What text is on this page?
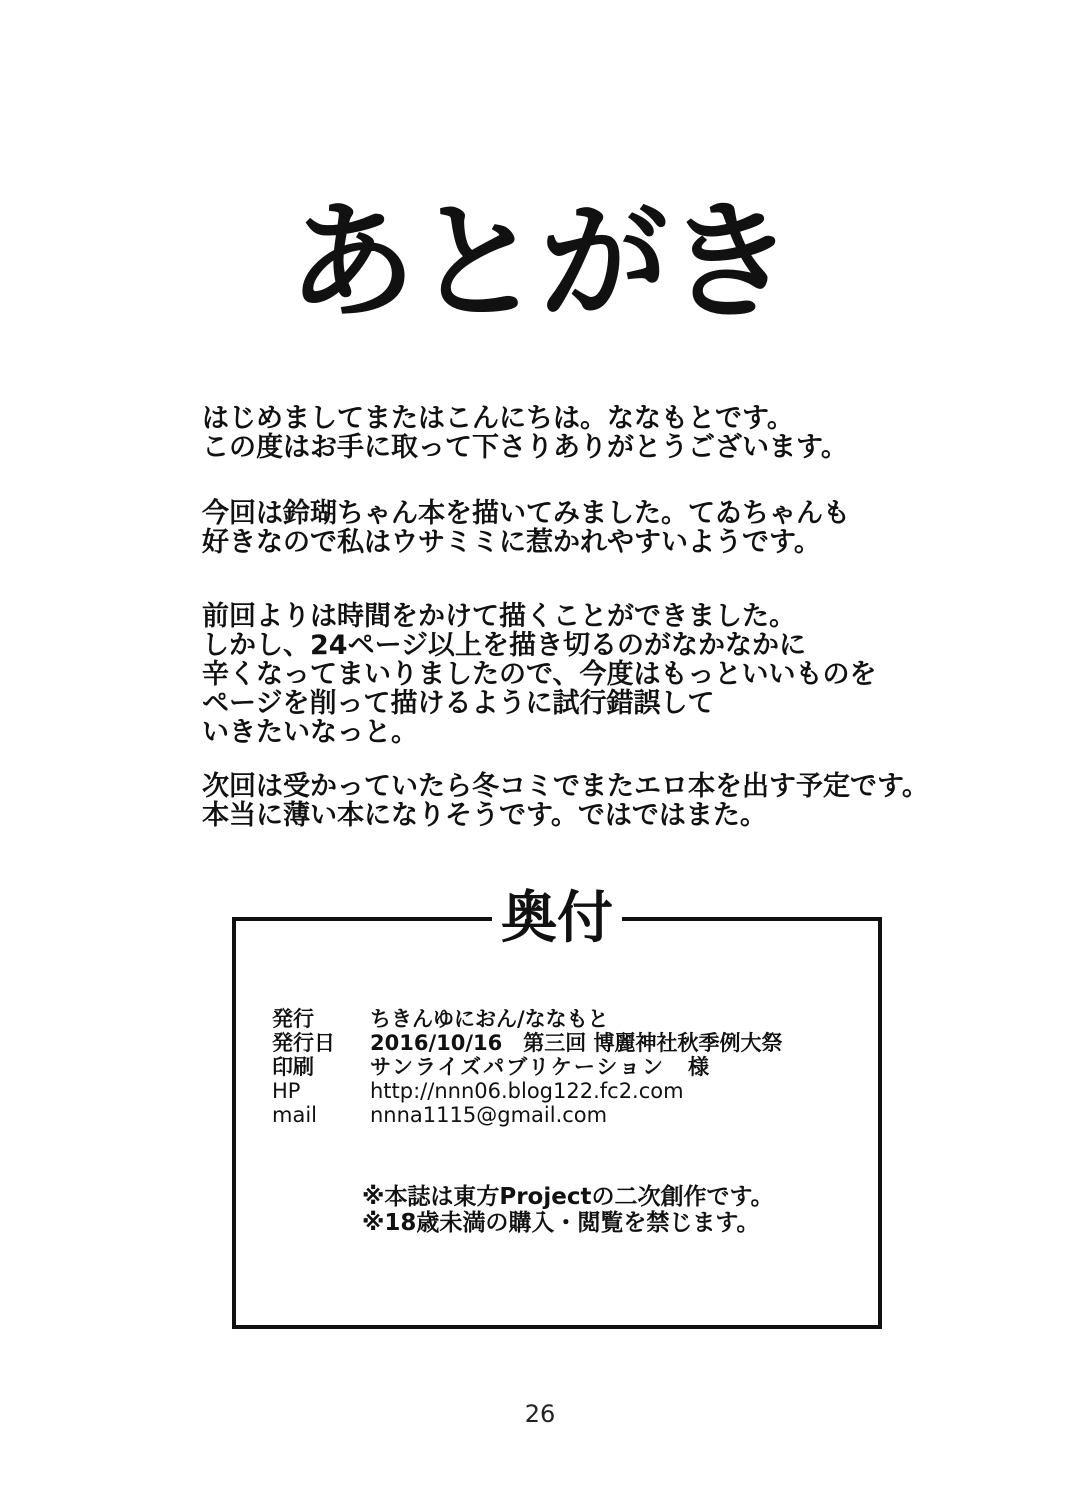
あとがき
はじめましてまたはこんにちは。ななもとです。
この度はお手に取って下さりありがとうございます。
今回は鈴瑚ちゃん本を描いてみました。てゐちゃんも
好きなので私はウサミミに惹かれやすいようです。
前回よりは時間をかけて描くことができました。
しかし、24ページ以上を描き切るのがなかなかに
辛くなってまいりましたので、今度はもっといいものを
ページを削って描けるように試行錯誤して
いきたいなっと。
次回は受かっていたら冬コミでまたエロ本を出す予定です。
本当に薄い本になりそうです。ではではまた。
奥付
発行	ちきんゆにおん/ななもと
発行日	2016/10/16　第三回 博麗神社秋季例大祭
印刷	サンライズパブリケーション　様
HP	http://nnn06.blog122.fc2.com
mail	nnna1115@gmail.com
※本誌は東方Projectの二次創作です。
※18歳未満の購入・閲覧を禁じます。
26
